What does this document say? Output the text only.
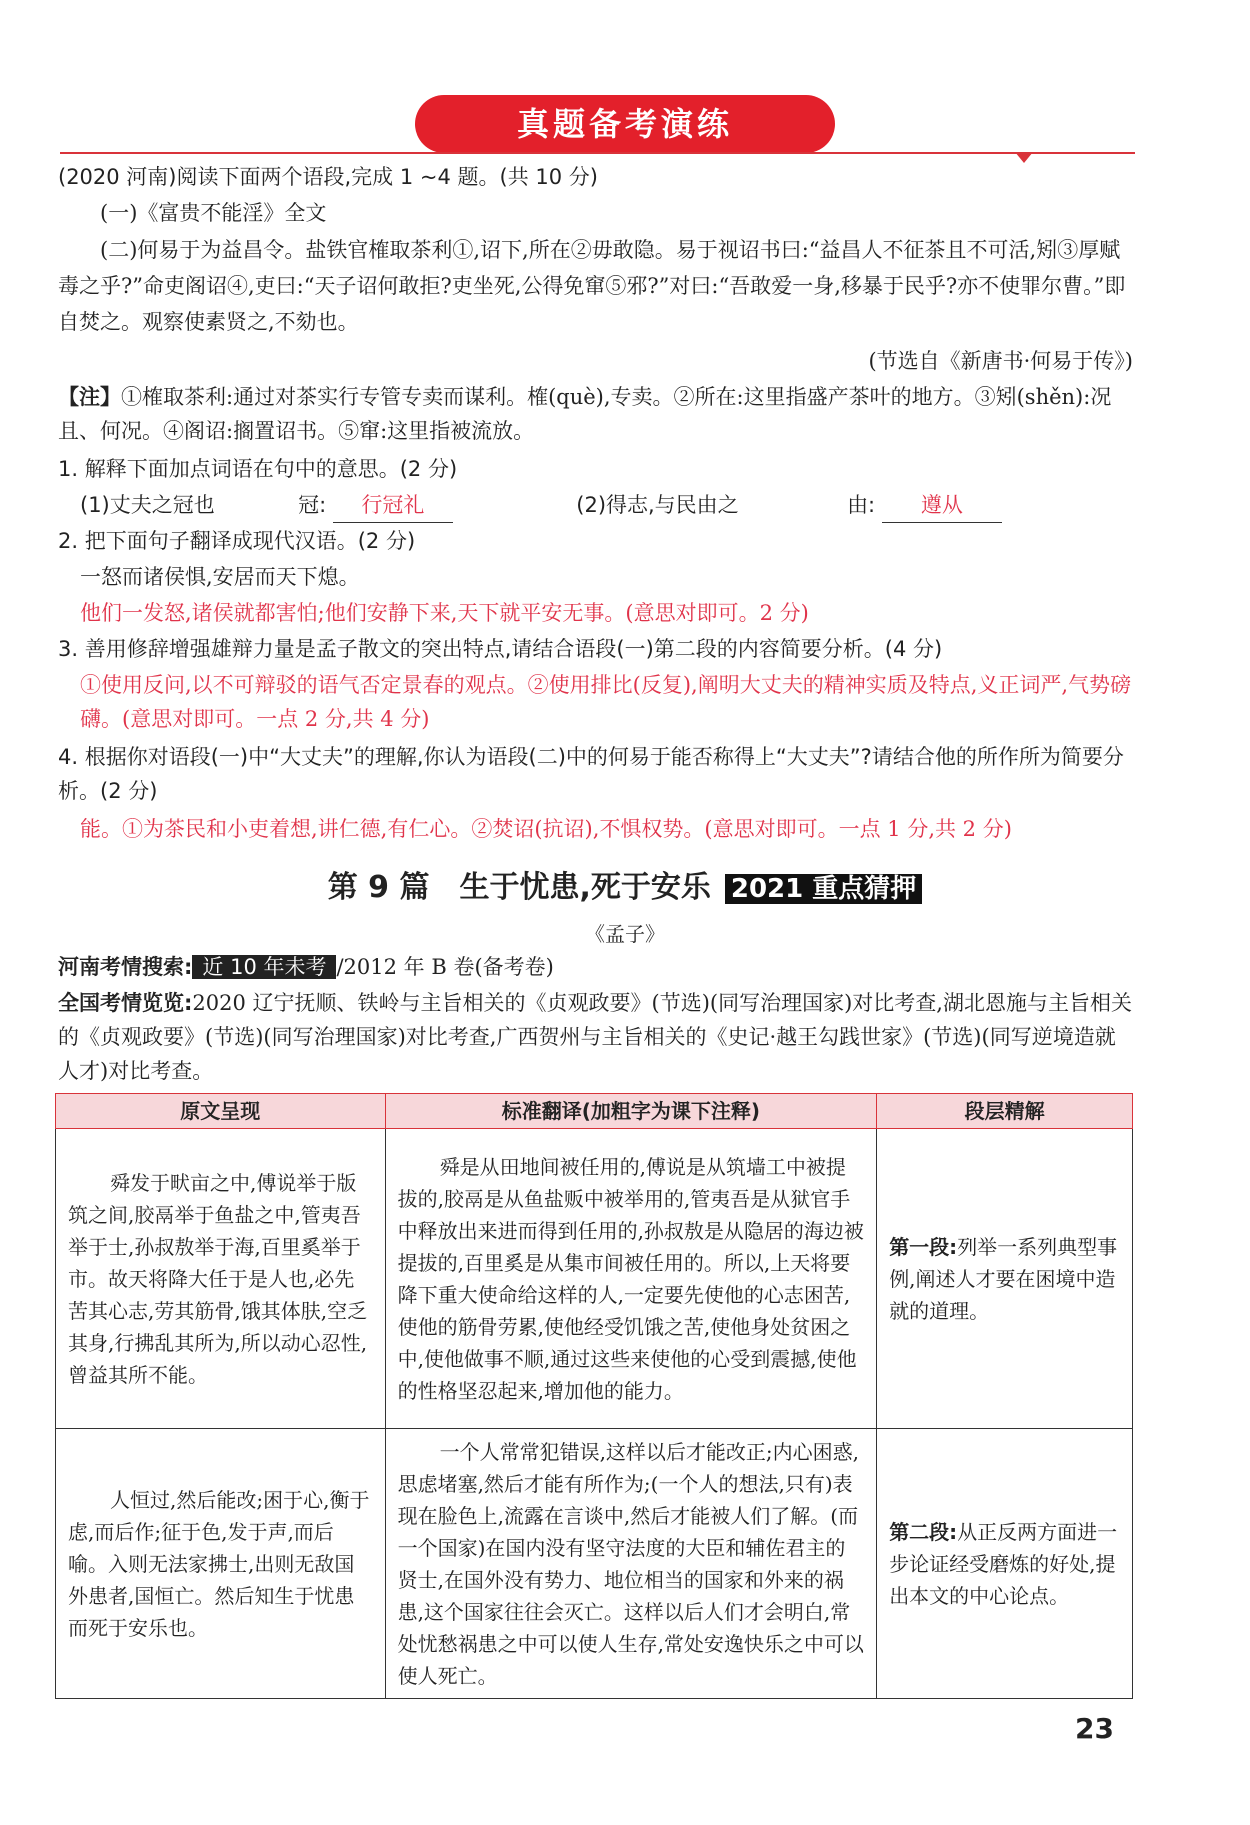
真题备考演练
(2020 河南)阅读下面两个语段,完成 1 ~4 题。(共 10 分)
(一)《富贵不能淫》全文
(二)何易于为益昌令。盐铁官榷取茶利①,诏下,所在②毋敢隐。易于视诏书曰:“益昌人不征茶且不可活,矧③厚赋毒之乎?”命吏阁诏④,吏曰:“天子诏何敢拒?吏坐死,公得免窜⑤邪?”对曰:“吾敢爱一身,移暴于民乎?亦不使罪尔曹。”即自焚之。观察使素贤之,不劾也。
(节选自《新唐书·何易于传》)
【注】①榷取茶利:通过对茶实行专管专卖而谋利。榷(què),专卖。②所在:这里指盛产茶叶的地方。③矧(shěn):况且、何况。④阁诏:搁置诏书。⑤窜:这里指被流放。
1. 解释下面加点词语在句中的意思。(2 分)
(1)丈夫之冠也	冠: 行冠礼	(2)得志,与民由之	由: 遵从
2. 把下面句子翻译成现代汉语。(2 分)
一怒而诸侯惧,安居而天下熄。
他们一发怒,诸侯就都害怕;他们安静下来,天下就平安无事。(意思对即可。2 分)
3. 善用修辞增强雄辩力量是孟子散文的突出特点,请结合语段(一)第二段的内容简要分析。(4 分)
①使用反问,以不可辩驳的语气否定景春的观点。②使用排比(反复),阐明大丈夫的精神实质及特点,义正词严,气势磅礴。(意思对即可。一点 2 分,共 4 分)
4. 根据你对语段(一)中“大丈夫”的理解,你认为语段(二)中的何易于能否称得上“大丈夫”?请结合他的所作所为简要分析。(2 分)
能。①为茶民和小吏着想,讲仁德,有仁心。②焚诏(抗诏),不惧权势。(意思对即可。一点 1 分,共 2 分)
第 9 篇　生于忧患,死于安乐 2021 重点猜押
《孟子》
河南考情搜索: 近 10 年未考 /2012 年 B 卷(备考卷)
全国考情览览:2020 辽宁抚顺、铁岭与主旨相关的《贞观政要》(节选)(同写治理国家)对比考查,湖北恩施与主旨相关的《贞观政要》(节选)(同写治理国家)对比考查,广西贺州与主旨相关的《史记·越王勾践世家》(节选)(同写逆境造就人才)对比考查。
原文呈现	标准翻译(加粗字为课下注释)	段层精解
舜发于畎亩之中,傅说举于版筑之间,胶鬲举于鱼盐之中,管夷吾举于士,孙叔敖举于海,百里奚举于市。故天将降大任于是人也,必先苦其心志,劳其筋骨,饿其体肤,空乏其身,行拂乱其所为,所以动心忍性,曾益其所不能。	舜是从田地间被任用的,傅说是从筑墙工中被提拔的,胶鬲是从鱼盐贩中被举用的,管夷吾是从狱官手中释放出来进而得到任用的,孙叔敖是从隐居的海边被提拔的,百里奚是从集市间被任用的。所以,上天将要降下重大使命给这样的人,一定要先使他的心志困苦,使他的筋骨劳累,使他经受饥饿之苦,使他身处贫困之中,使他做事不顺,通过这些来使他的心受到震撼,使他的性格坚忍起来,增加他的能力。	第一段:列举一系列典型事例,阐述人才要在困境中造就的道理。
人恒过,然后能改;困于心,衡于虑,而后作;征于色,发于声,而后喻。入则无法家拂士,出则无敌国外患者,国恒亡。然后知生于忧患而死于安乐也。	一个人常常犯错误,这样以后才能改正;内心困惑,思虑堵塞,然后才能有所作为;(一个人的想法,只有)表现在脸色上,流露在言谈中,然后才能被人们了解。(而一个国家)在国内没有坚守法度的大臣和辅佐君主的贤士,在国外没有势力、地位相当的国家和外来的祸患,这个国家往往会灭亡。这样以后人们才会明白,常处忧愁祸患之中可以使人生存,常处安逸快乐之中可以使人死亡。	第二段:从正反两方面进一步论证经受磨炼的好处,提出本文的中心论点。
23
